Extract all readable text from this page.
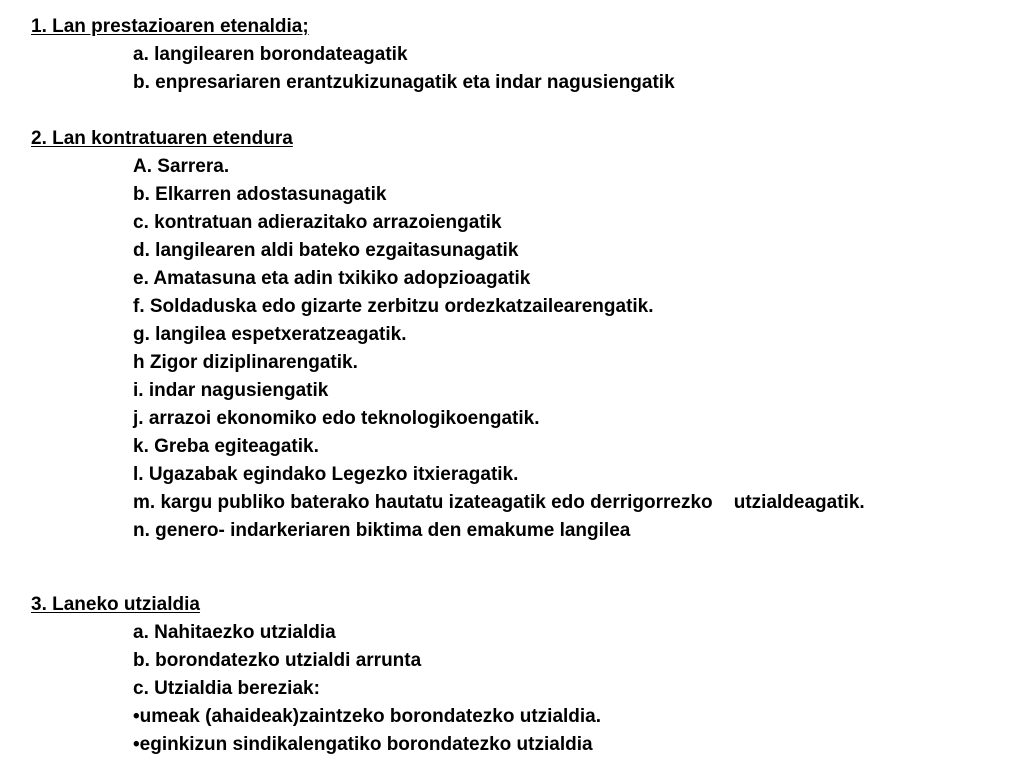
1. Lan prestazioaren etenaldia;
a. langilearen borondateagatik
b. enpresariaren erantzukizunagatik eta indar nagusiengatik
2. Lan kontratuaren etendura
A. Sarrera.
b. Elkarren adostasunagatik
c. kontratuan adierazitako arrazoiengatik
d. langilearen aldi bateko ezgaitasunagatik
e. Amatasuna eta adin txikiko adopzioagatik
f. Soldaduska edo gizarte zerbitzu ordezkatzailearengatik.
g. langilea espetxeratzeagatik.
h Zigor diziplinarengatik.
i. indar nagusiengatik
j. arrazoi ekonomiko edo teknologikoengatik.
k. Greba egiteagatik.
l. Ugazabak egindako Legezko itxieragatik.
m. kargu publiko baterako hautatu izateagatik edo derrigorrezko    utzialdeagatik.
n. genero- indarkeriaren biktima den emakume langilea
3. Laneko utzialdia
a. Nahitaezko utzialdia
b. borondatezko utzialdi arrunta
c. Utzialdia bereziak:
•umeak (ahaideak)zaintzeko borondatezko utzialdia.
•eginkizun sindikalengatiko borondatezko utzialdia
